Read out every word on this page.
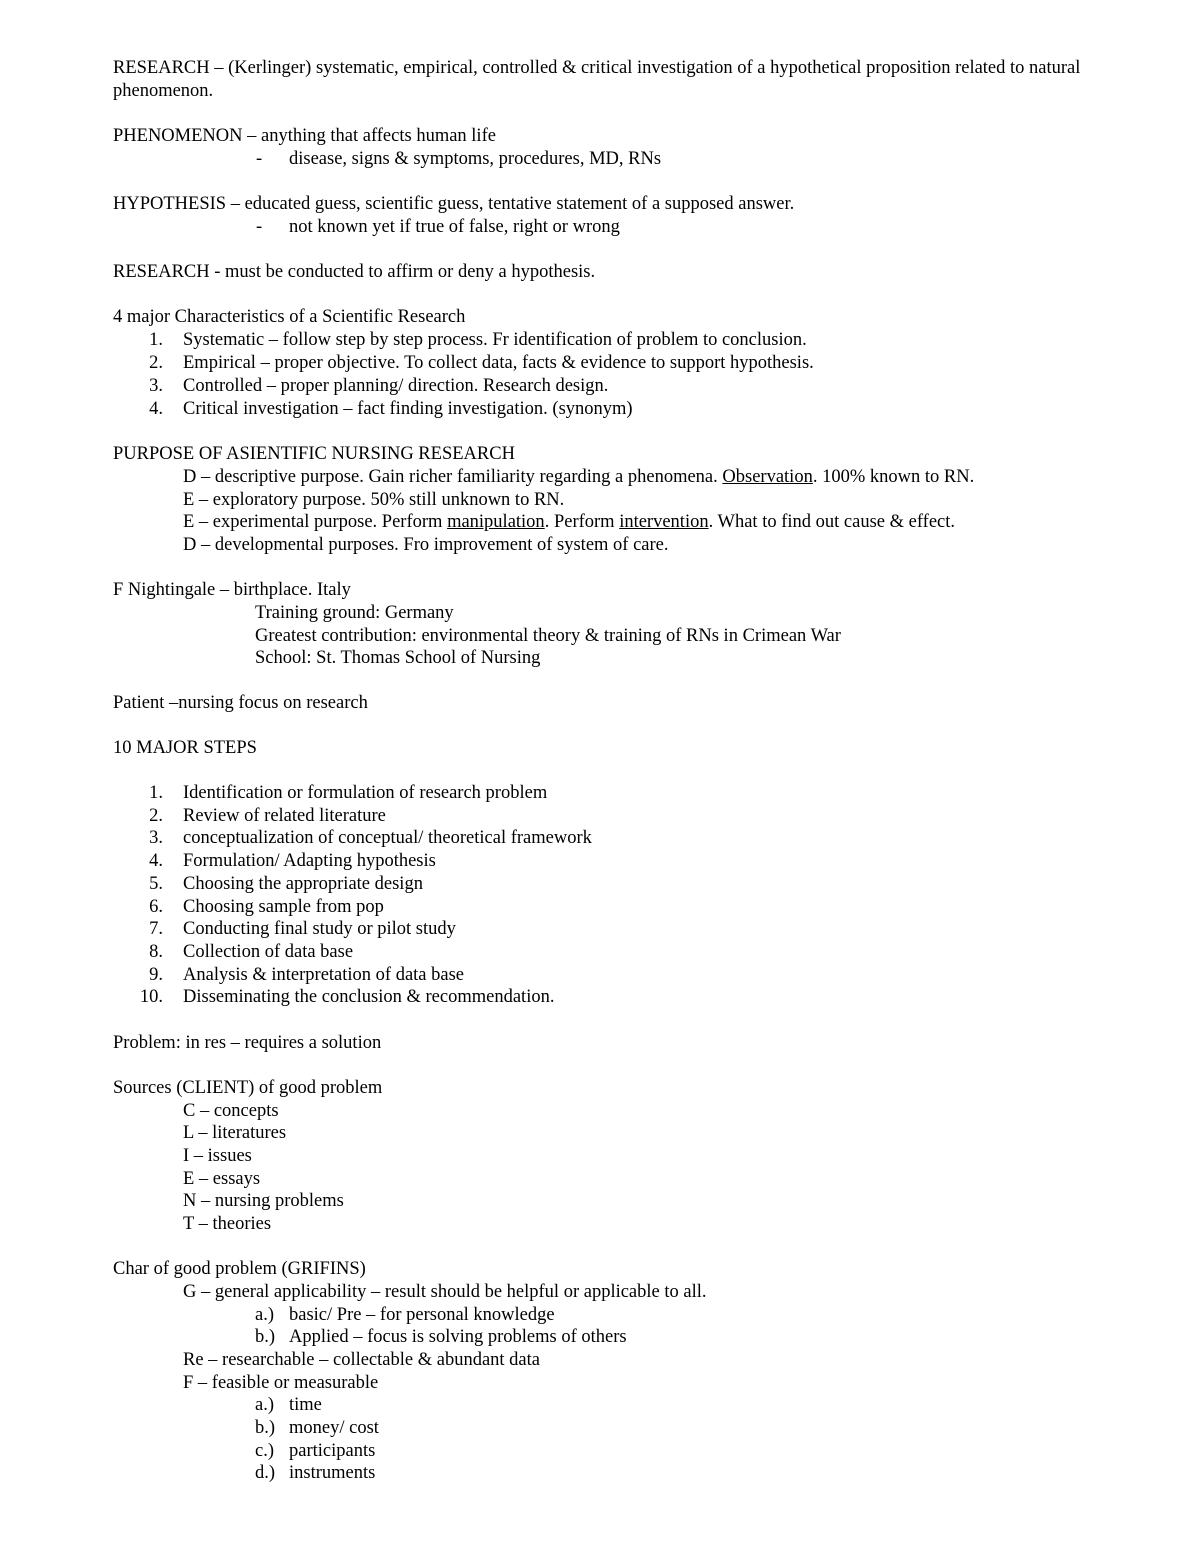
RESEARCH – (Kerlinger) systematic, empirical, controlled & critical investigation of a hypothetical proposition related to natural
phenomenon.
PHENOMENON – anything that affects human life
- disease, signs & symptoms, procedures, MD, RNs
HYPOTHESIS – educated guess, scientific guess, tentative statement of a supposed answer.
- not known yet if true of false, right or wrong
RESEARCH - must be conducted to affirm or deny a hypothesis.
4 major Characteristics of a Scientific Research
1. Systematic – follow step by step process. Fr identification of problem to conclusion.
2. Empirical – proper objective. To collect data, facts & evidence to support hypothesis.
3. Controlled – proper planning/ direction. Research design.
4. Critical investigation – fact finding investigation. (synonym)
PURPOSE OF ASIENTIFIC NURSING RESEARCH
D – descriptive purpose. Gain richer familiarity regarding a phenomena. Observation. 100% known to RN.
E – exploratory purpose. 50% still unknown to RN.
E – experimental purpose. Perform manipulation. Perform intervention. What to find out cause & effect.
D – developmental purposes. Fro improvement of system of care.
F Nightingale – birthplace. Italy
Training ground: Germany
Greatest contribution: environmental theory & training of RNs in Crimean War
School: St. Thomas School of Nursing
Patient –nursing focus on research
10 MAJOR STEPS
1. Identification or formulation of research problem
2. Review of related literature
3. conceptualization of conceptual/ theoretical framework
4. Formulation/ Adapting hypothesis
5. Choosing the appropriate design
6. Choosing sample from pop
7. Conducting final study or pilot study
8. Collection of data base
9. Analysis & interpretation of data base
10. Disseminating the conclusion & recommendation.
Problem: in res – requires a solution
Sources (CLIENT) of good problem
C – concepts
L – literatures
I – issues
E – essays
N – nursing problems
T – theories
Char of good problem (GRIFINS)
G – general applicability – result should be helpful or applicable to all.
a.) basic/ Pre – for personal knowledge
b.) Applied – focus is solving problems of others
Re – researchable – collectable & abundant data
F – feasible or measurable
a.) time
b.) money/ cost
c.) participants
d.) instruments
